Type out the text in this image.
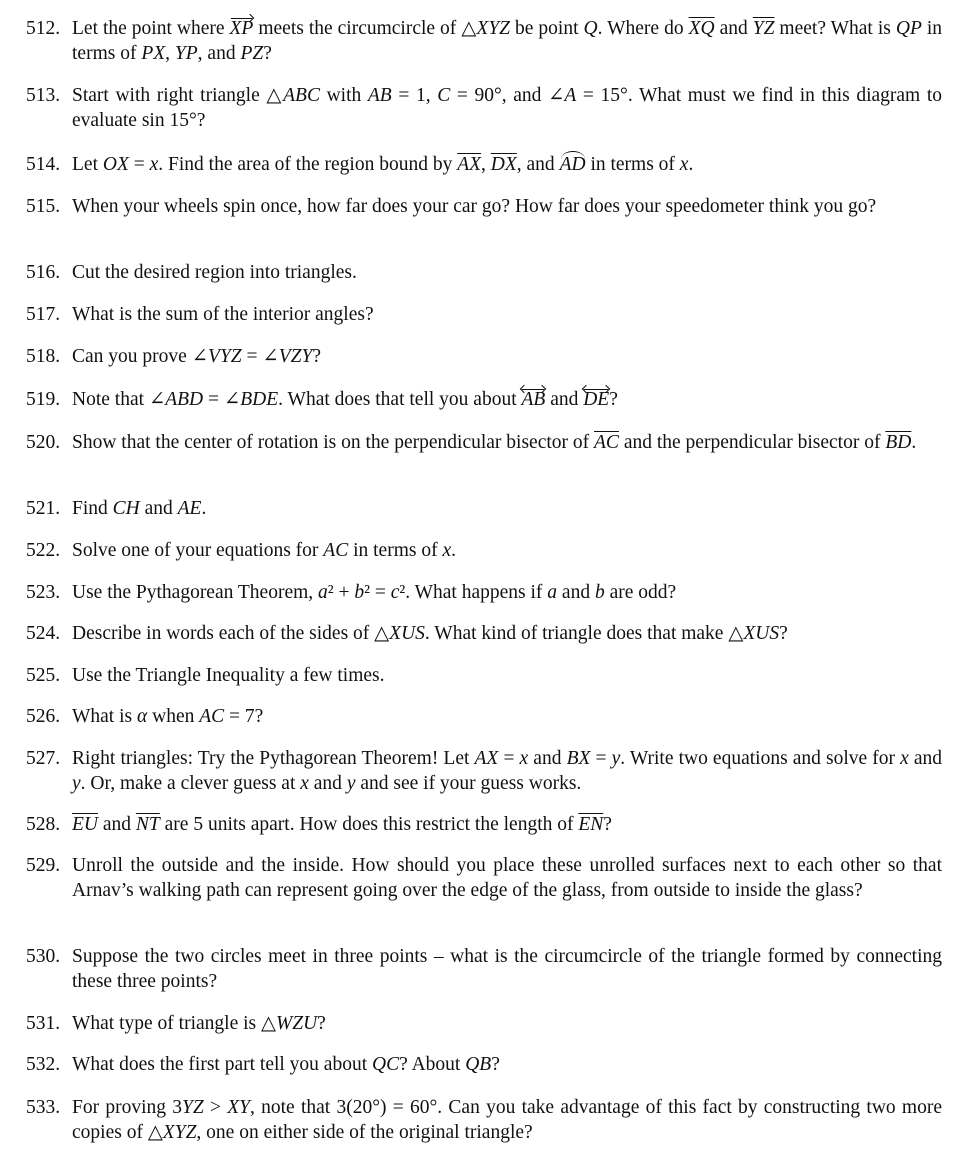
512. Let the point where XP meets the circumcircle of △XYZ be point Q. Where do $\overline{XQ}$ and $\overline{YZ}$ meet? What is QP in terms of PX, YP, and PZ?
513. Start with right triangle △ABC with AB = 1, C = 90°, and ∠A = 15°. What must we find in this diagram to evaluate sin 15°?
514. Let OX = x. Find the area of the region bound by $\overline{AX}$, $\overline{DX}$, and AD in terms of x.
515. When your wheels spin once, how far does your car go? How far does your speedometer think you go?
516. Cut the desired region into triangles.
517. What is the sum of the interior angles?
518. Can you prove ∠VYZ = ∠VZY?
519. Note that ∠ABD = ∠BDE. What does that tell you about
AB
and
DE
?
520. Show that the center of rotation is on the perpendicular bisector of $\overline{AC}$ and the perpendicular bisector of $\overline{BD}$.
521. Find CH and AE.
522. Solve one of your equations for AC in terms of x.
523. Use the Pythagorean Theorem, a² + b² = c². What happens if a and b are odd?
524. Describe in words each of the sides of △XUS. What kind of triangle does that make △XUS?
525. Use the Triangle Inequality a few times.
526. What is α when AC = 7?
527. Right triangles: Try the Pythagorean Theorem! Let AX = x and BX = y. Write two equations and solve for x and y. Or, make a clever guess at x and y and see if your guess works.
528. $\overline{EU}$ and $\overline{NT}$ are 5 units apart. How does this restrict the length of $\overline{EN}$?
529. Unroll the outside and the inside. How should you place these unrolled surfaces next to each other so that Arnav’s walking path can represent going over the edge of the glass, from outside to inside the glass?
530. Suppose the two circles meet in three points – what is the circumcircle of the triangle formed by connecting these three points?
531. What type of triangle is △WZU?
532. What does the first part tell you about QC? About QB?
533. For proving 3YZ > XY, note that 3(20°) = 60°. Can you take advantage of this fact by constructing two more copies of △XYZ, one on either side of the original triangle?
